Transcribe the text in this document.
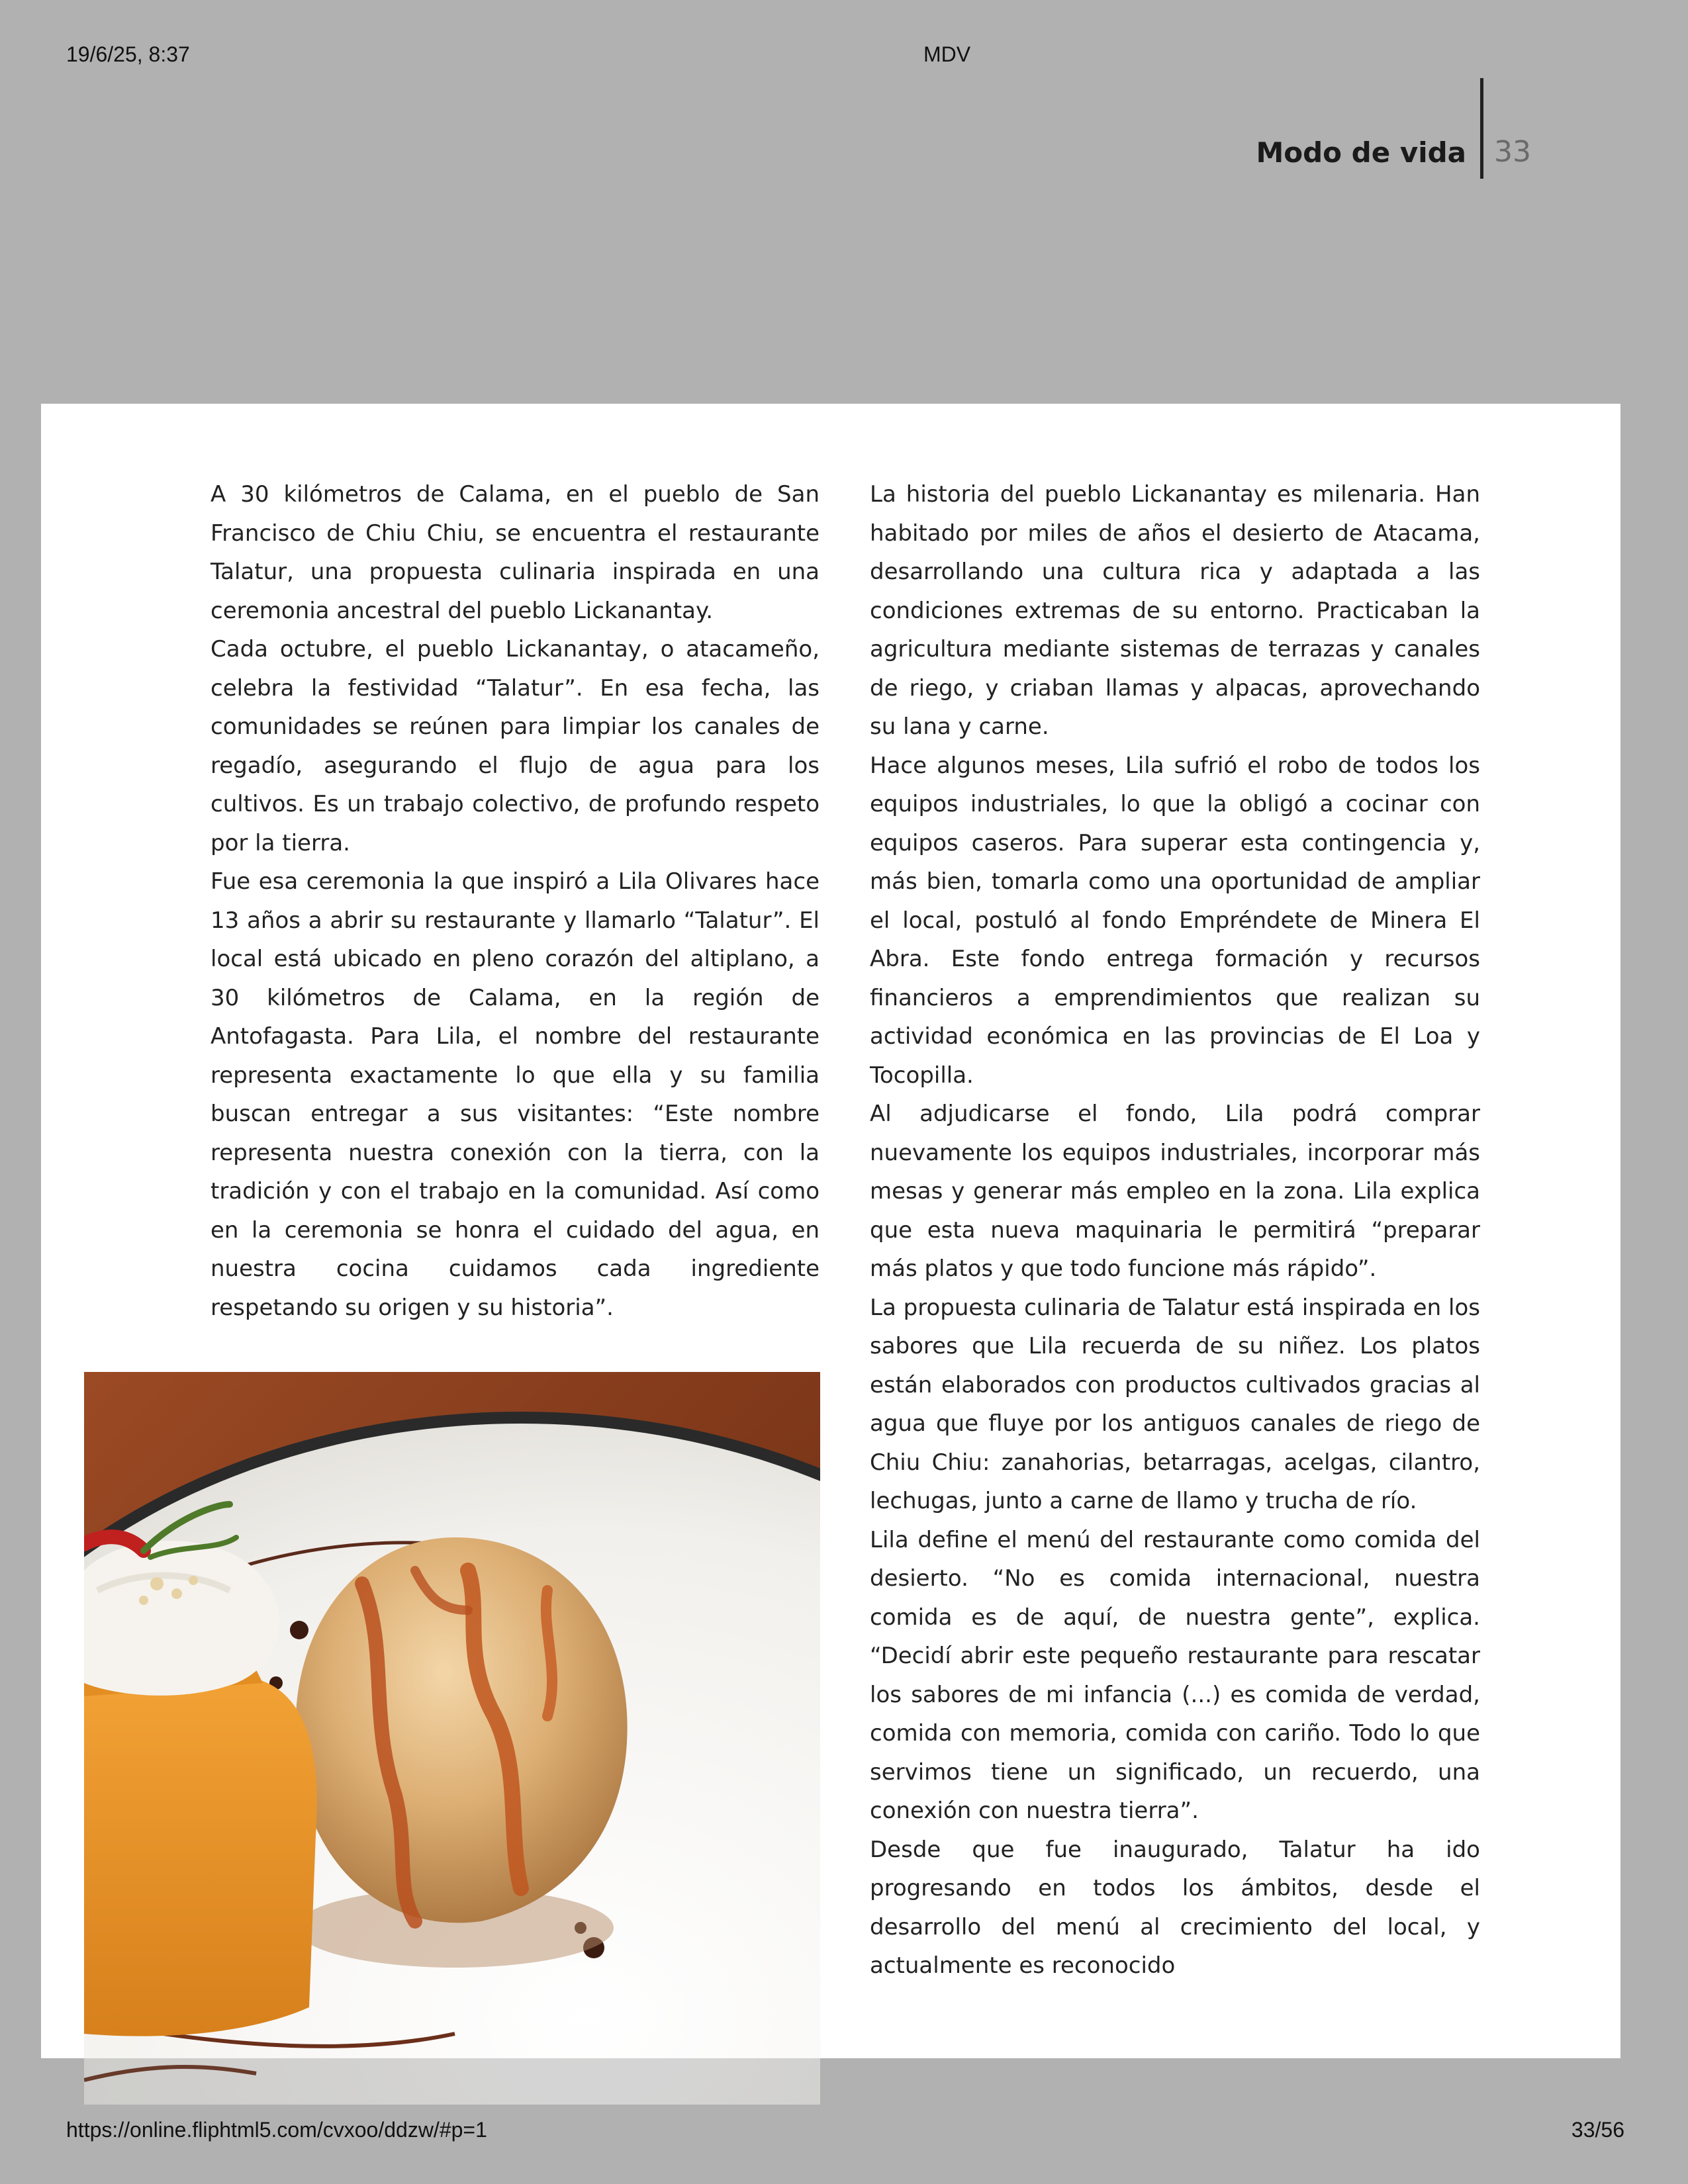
19/6/25, 8:37	MDV
Modo de vida 33

A 30 kilómetros de Calama, en el pueblo de San Francisco de Chiu Chiu, se encuentra el restaurante Talatur, una propuesta culinaria inspirada en una ceremonia ancestral del pueblo Lickanantay.

Cada octubre, el pueblo Lickanantay, o atacameño, celebra la festividad “Talatur”. En esa fecha, las comunidades se reúnen para limpiar los canales de regadío, asegurando el flujo de agua para los cultivos. Es un trabajo colectivo, de profundo respeto por la tierra.

Fue esa ceremonia la que inspiró a Lila Olivares hace 13 años a abrir su restaurante y llamarlo “Talatur”. El local está ubicado en pleno corazón del altiplano, a 30 kilómetros de Calama, en la región de Antofagasta. Para Lila, el nombre del restaurante representa exactamente lo que ella y su familia buscan entregar a sus visitantes: “Este nombre representa nuestra conexión con la tierra, con la tradición y con el trabajo en la comunidad. Así como en la ceremonia se honra el cuidado del agua, en nuestra cocina cuidamos cada ingrediente respetando su origen y su historia”.

La historia del pueblo Lickanantay es milenaria. Han habitado por miles de años el desierto de Atacama, desarrollando una cultura rica y adaptada a las condiciones extremas de su entorno. Practicaban la agricultura mediante sistemas de terrazas y canales de riego, y criaban llamas y alpacas, aprovechando su lana y carne.

Hace algunos meses, Lila sufrió el robo de todos los equipos industriales, lo que la obligó a cocinar con equipos caseros. Para superar esta contingencia y, más bien, tomarla como una oportunidad de ampliar el local, postuló al fondo Empréndete de Minera El Abra. Este fondo entrega formación y recursos financieros a emprendimientos que realizan su actividad económica en las provincias de El Loa y Tocopilla.

Al adjudicarse el fondo, Lila podrá comprar nuevamente los equipos industriales, incorporar más mesas y generar más empleo en la zona. Lila explica que esta nueva maquinaria le permitirá “preparar más platos y que todo funcione más rápido”.

La propuesta culinaria de Talatur está inspirada en los sabores que Lila recuerda de su niñez. Los platos están elaborados con productos cultivados gracias al agua que fluye por los antiguos canales de riego de Chiu Chiu: zanahorias, betarragas, acelgas, cilantro, lechugas, junto a carne de llamo y trucha de río.

Lila define el menú del restaurante como comida del desierto. “No es comida internacional, nuestra comida es de aquí, de nuestra gente”, explica. “Decidí abrir este pequeño restaurante para rescatar los sabores de mi infancia (...) es comida de verdad, comida con memoria, comida con cariño. Todo lo que servimos tiene un significado, un recuerdo, una conexión con nuestra tierra”.

Desde que fue inaugurado, Talatur ha ido progresando en todos los ámbitos, desde el desarrollo del menú al crecimiento del local, y actualmente es reconocido

https://online.fliphtml5.com/cvxoo/ddzw/#p=1	33/56
